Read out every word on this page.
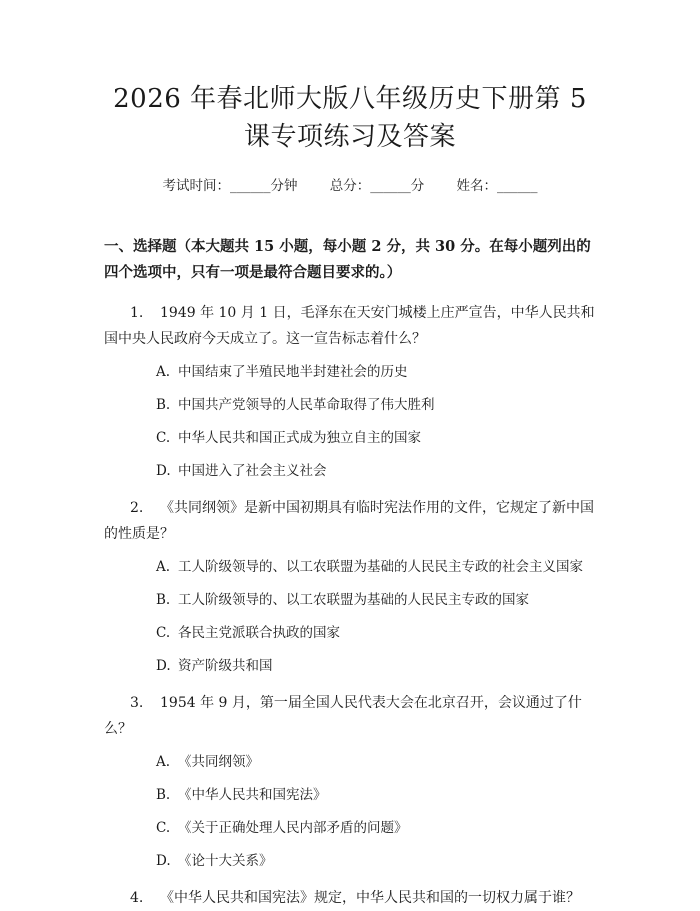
2026 年春北师大版八年级历史下册第 5 课专项练习及答案
考试时间：______分钟 总分：______分 姓名：______
一、选择题（本大题共 15 小题，每小题 2 分，共 30 分。在每小题列出的四个选项中，只有一项是最符合题目要求的。）
1. 1949 年 10 月 1 日，毛泽东在天安门城楼上庄严宣告，中华人民共和国中央人民政府今天成立了。这一宣告标志着什么？
A. 中国结束了半殖民地半封建社会的历史
B. 中国共产党领导的人民革命取得了伟大胜利
C. 中华人民共和国正式成为独立自主的国家
D. 中国进入了社会主义社会
2. 《共同纲领》是新中国初期具有临时宪法作用的文件，它规定了新中国的性质是？
A. 工人阶级领导的、以工农联盟为基础的人民民主专政的社会主义国家
B. 工人阶级领导的、以工农联盟为基础的人民民主专政的国家
C. 各民主党派联合执政的国家
D. 资产阶级共和国
3. 1954 年 9 月，第一届全国人民代表大会在北京召开，会议通过了什么？
A. 《共同纲领》
B. 《中华人民共和国宪法》
C. 《关于正确处理人民内部矛盾的问题》
D. 《论十大关系》
4. 《中华人民共和国宪法》规定，中华人民共和国的一切权力属于谁？
